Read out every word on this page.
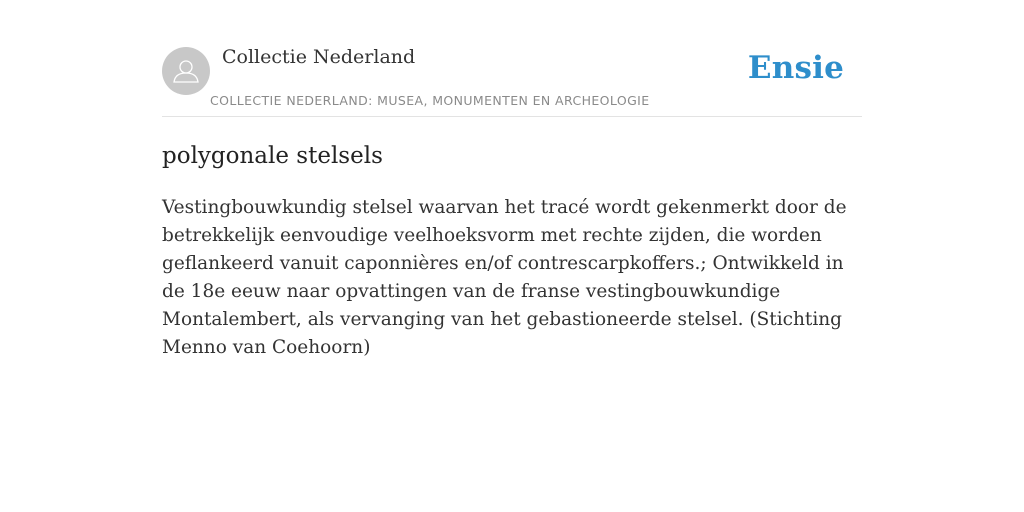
Collectie Nederland
COLLECTIE NEDERLAND: MUSEA, MONUMENTEN EN ARCHEOLOGIE
Ensie
polygonale stelsels

Vestingbouwkundig stelsel waarvan het tracé wordt gekenmerkt door de betrekkelijk eenvoudige veelhoeksvorm met rechte zijden, die worden geflankeerd vanuit caponnières en/of contrescarpkoffers.; Ontwikkeld in de 18e eeuw naar opvattingen van de franse vestingbouwkundige Montalembert, als vervanging van het gebastioneerde stelsel. (Stichting Menno van Coehoorn)
